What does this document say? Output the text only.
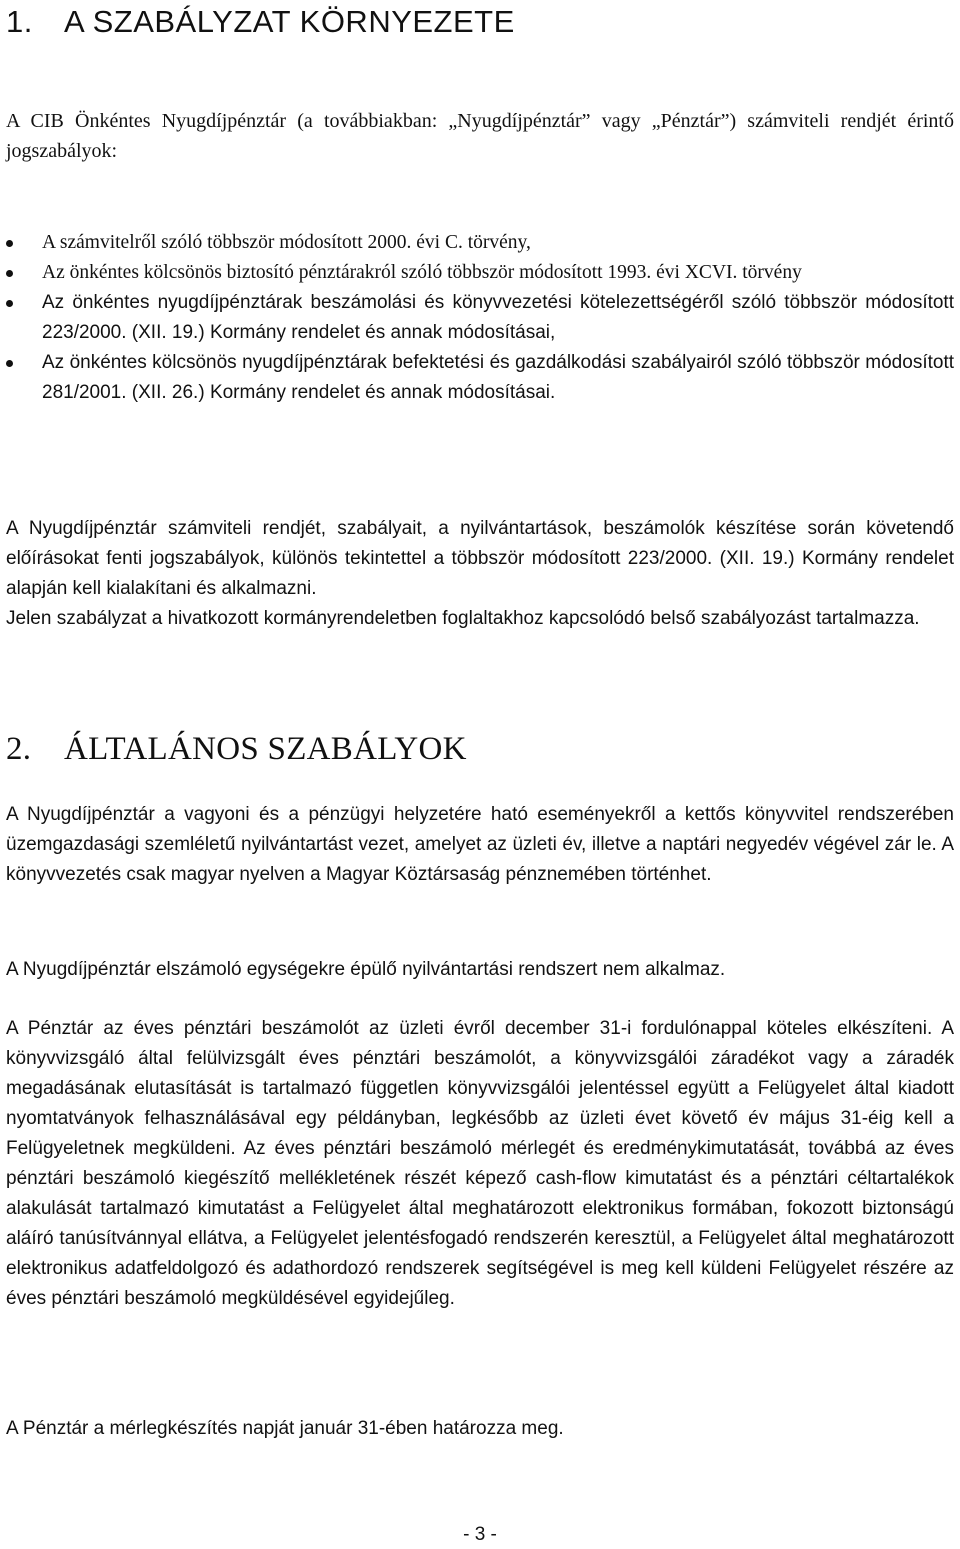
1. A SZABÁLYZAT KÖRNYEZETE

A CIB Önkéntes Nyugdíjpénztár (a továbbiakban: „Nyugdíjpénztár” vagy „Pénztár”) számviteli rendjét érintő jogszabályok:

A számvitelről szóló többször módosított 2000. évi C. törvény,
Az önkéntes kölcsönös biztosító pénztárakról szóló többször módosított 1993. évi XCVI. törvény
Az önkéntes nyugdíjpénztárak beszámolási és könyvvezetési kötelezettségéről szóló többször módosított 223/2000. (XII. 19.) Kormány rendelet és annak módosításai,
Az önkéntes kölcsönös nyugdíjpénztárak befektetési és gazdálkodási szabályairól szóló többször módosított 281/2001. (XII. 26.) Kormány rendelet és annak módosításai.

A Nyugdíjpénztár számviteli rendjét, szabályait, a nyilvántartások, beszámolók készítése során követendő előírásokat fenti jogszabályok, különös tekintettel a többször módosított 223/2000. (XII. 19.) Kormány rendelet alapján kell kialakítani és alkalmazni.

Jelen szabályzat a hivatkozott kormányrendeletben foglaltakhoz kapcsolódó belső szabályozást tartalmazza.

2. ÁLTALÁNOS SZABÁLYOK

A Nyugdíjpénztár a vagyoni és a pénzügyi helyzetére ható eseményekről a kettős könyvvitel rendszerében üzemgazdasági szemléletű nyilvántartást vezet, amelyet az üzleti év, illetve a naptári negyedév végével zár le. A könyvvezetés csak magyar nyelven a Magyar Köztársaság pénznemében történhet.

A Nyugdíjpénztár elszámoló egységekre épülő nyilvántartási rendszert nem alkalmaz.

A Pénztár az éves pénztári beszámolót az üzleti évről december 31-i fordulónappal köteles elkészíteni. A könyvvizsgáló által felülvizsgált éves pénztári beszámolót, a könyvvizsgálói záradékot vagy a záradék megadásának elutasítását is tartalmazó független könyvvizsgálói jelentéssel együtt a Felügyelet által kiadott nyomtatványok felhasználásával egy példányban, legkésőbb az üzleti évet követő év május 31-éig kell a Felügyeletnek megküldeni. Az éves pénztári beszámoló mérlegét és eredménykimutatását, továbbá az éves pénztári beszámoló kiegészítő mellékletének részét képező cash-flow kimutatást és a pénztári céltartalékok alakulását tartalmazó kimutatást a Felügyelet által meghatározott elektronikus formában, fokozott biztonságú aláíró tanúsítvánnyal ellátva, a Felügyelet jelentésfogadó rendszerén keresztül, a Felügyelet által meghatározott elektronikus adatfeldolgozó és adathordozó rendszerek segítségével is meg kell küldeni Felügyelet részére az éves pénztári beszámoló megküldésével egyidejűleg.

A Pénztár a mérlegkészítés napját január 31-ében határozza meg.

- 3 -
